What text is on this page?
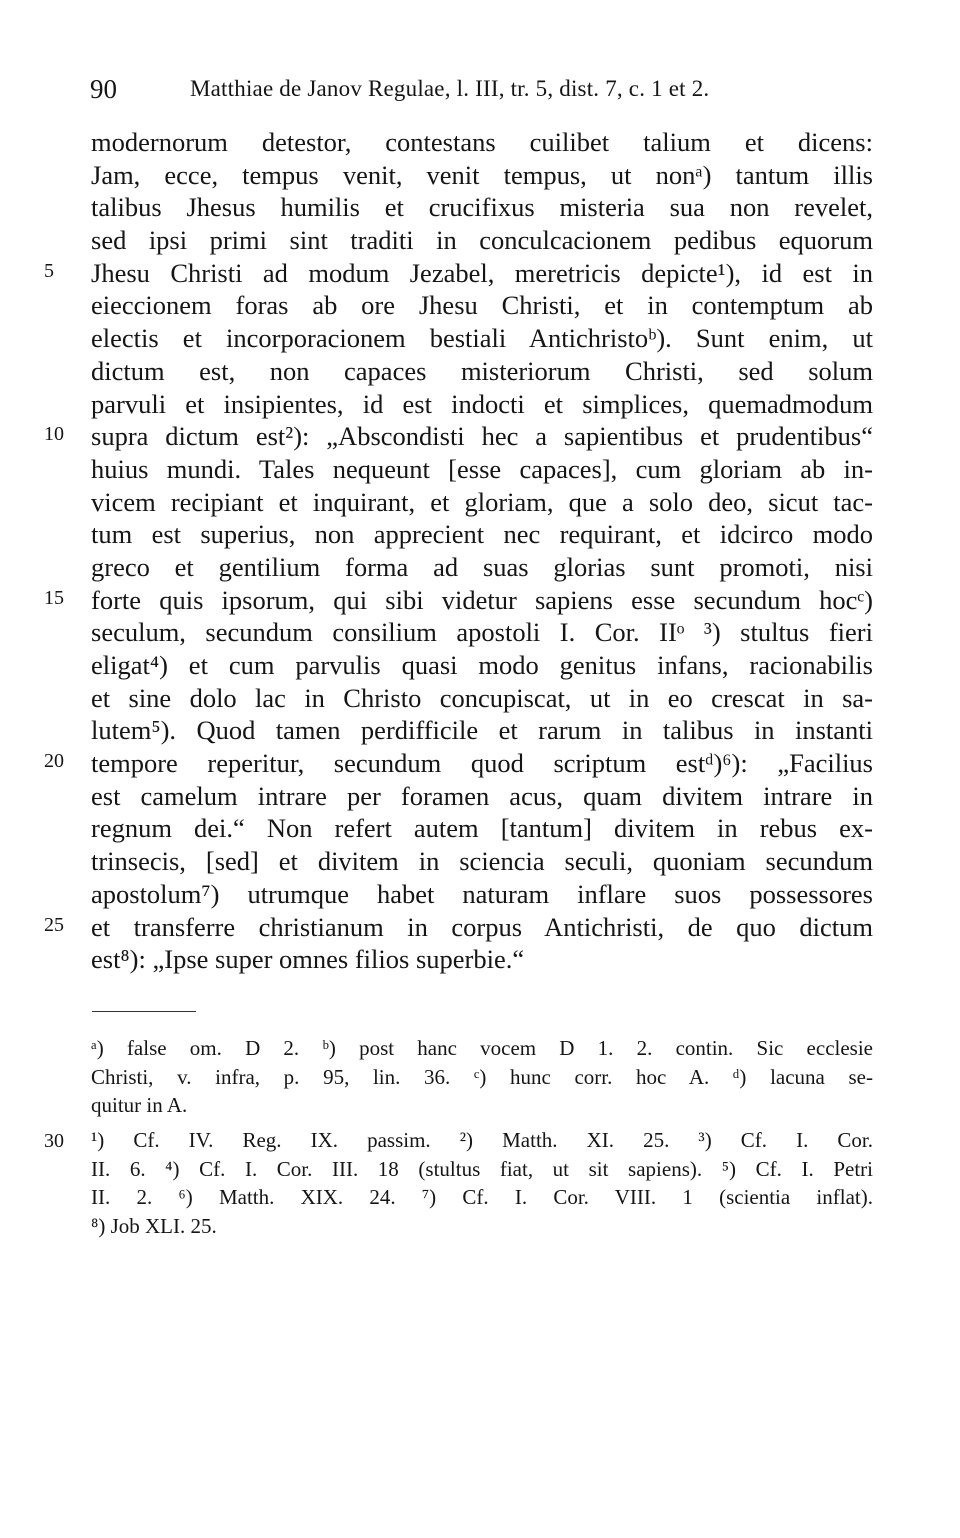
90	Matthiae de Janov Regulae, l. III, tr. 5, dist. 7, c. 1 et 2.
modernorum detestor, contestans cuilibet talium et dicens:
Jam, ecce, tempus venit, venit tempus, ut nonᵃ) tantum illis
talibus Jhesus humilis et crucifixus misteria sua non revelet,
sed ipsi primi sint traditi in conculcacionem pedibus equorum
5	Jhesu Christi ad modum Jezabel, meretricis depicte¹), id est in
eieccionem foras ab ore Jhesu Christi, et in contemptum ab
electis et incorporacionem bestiali Antichristoᵇ). Sunt enim, ut
dictum est, non capaces misteriorum Christi, sed solum
parvuli et insipientes, id est indocti et simplices, quemadmodum
10	supra dictum est²): „Abscondisti hec a sapientibus et prudentibus“
huius mundi. Tales nequeunt [esse capaces], cum gloriam ab in-
vicem recipiant et inquirant, et gloriam, que a solo deo, sicut tac-
tum est superius, non apprecient nec requirant, et idcirco modo
greco et gentilium forma ad suas glorias sunt promoti, nisi
15	forte quis ipsorum, qui sibi videtur sapiens esse secundum hocᶜ)
seculum, secundum consilium apostoli I. Cor. IIᵒ ³) stultus fieri
eligat⁴) et cum parvulis quasi modo genitus infans, racionabilis
et sine dolo lac in Christo concupiscat, ut in eo crescat in sa-
lutem⁵). Quod tamen perdifficile et rarum in talibus in instanti
20	tempore reperitur, secundum quod scriptum estᵈ)⁶): „Facilius
est camelum intrare per foramen acus, quam divitem intrare in
regnum dei.“ Non refert autem [tantum] divitem in rebus ex-
trinsecis, [sed] et divitem in sciencia seculi, quoniam secundum
apostolum⁷) utrumque habet naturam inflare suos possessores
25	et transferre christianum in corpus Antichristi, de quo dictum
est⁸): „Ipse super omnes filios superbie.“
ᵃ) false om. D 2. ᵇ) post hanc vocem D 1. 2. contin. Sic ecclesie
Christi, v. infra, p. 95, lin. 36. ᶜ) hunc corr. hoc A. ᵈ) lacuna se-
quitur in A.
30 ¹) Cf. IV. Reg. IX. passim. ²) Matth. XI. 25. ³) Cf. I. Cor.
II. 6. ⁴) Cf. I. Cor. III. 18 (stultus fiat, ut sit sapiens). ⁵) Cf. I. Petri
II. 2. ⁶) Matth. XIX. 24. ⁷) Cf. I. Cor. VIII. 1 (scientia inflat).
⁸) Job XLI. 25.
